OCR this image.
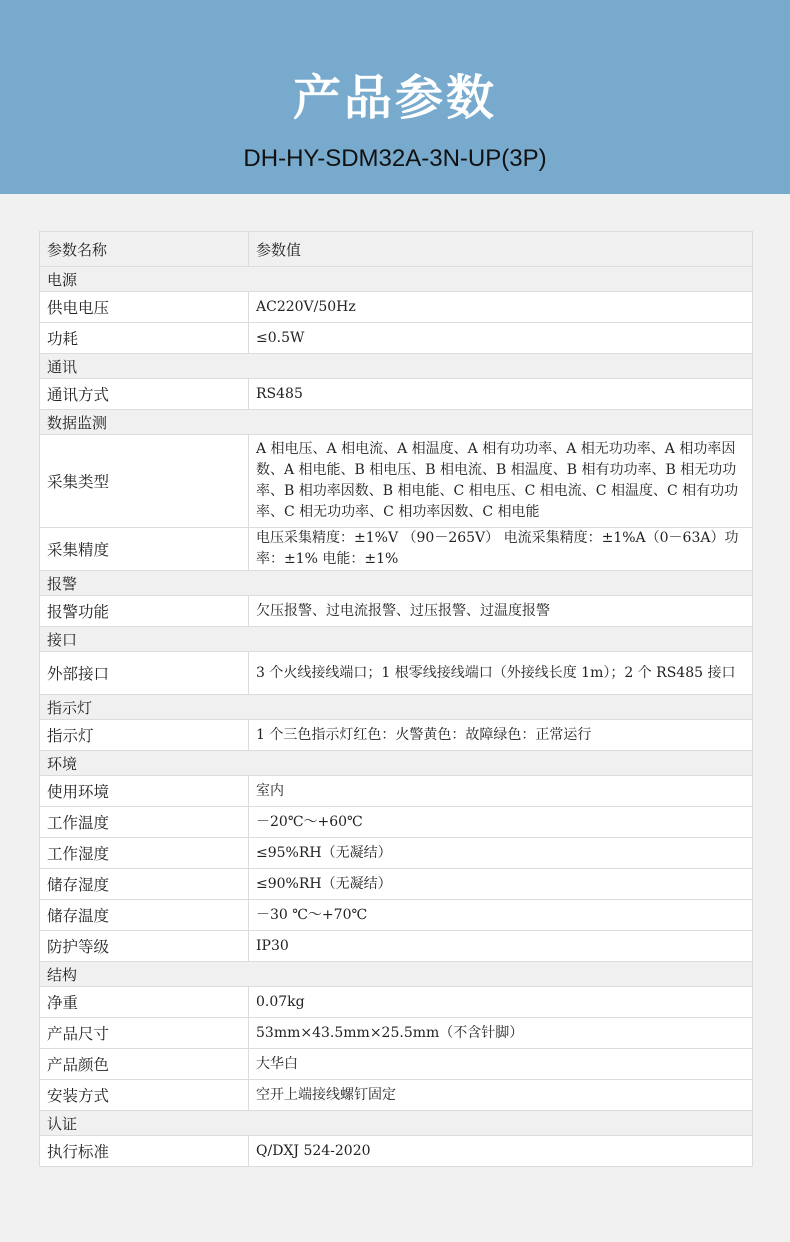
产品参数
DH-HY-SDM32A-3N-UP(3P)
参数名称	参数值
电源	
供电电压	AC220V/50Hz
功耗	≤0.5W
通讯	
通讯方式	RS485
数据监测	
采集类型	A 相电压、A 相电流、A 相温度、A 相有功功率、A 相无功功率、A 相功率因数、A 相电能、B 相电压、B 相电流、B 相温度、B 相有功功率、B 相无功功率、B 相功率因数、B 相电能、C 相电压、C 相电流、C 相温度、C 相有功功率、C 相无功功率、C 相功率因数、C 相电能
采集精度	电压采集精度：±1%V （90－265V） 电流采集精度：±1%A（0－63A）功率：±1% 电能：±1%
报警	
报警功能	欠压报警、过电流报警、过压报警、过温度报警
接口	
外部接口	3 个火线接线端口；1 根零线接线端口（外接线长度 1m）；2 个 RS485 接口
指示灯	
指示灯	1 个三色指示灯红色：火警黄色：故障绿色：正常运行
环境	
使用环境	室内
工作温度	－20℃～+60℃
工作湿度	≤95%RH（无凝结）
储存湿度	≤90%RH（无凝结）
储存温度	－30 ℃～+70℃
防护等级	IP30
结构	
净重	0.07kg
产品尺寸	53mm×43.5mm×25.5mm（不含针脚）
产品颜色	大华白
安装方式	空开上端接线螺钉固定
认证	
执行标准	Q/DXJ 524-2020
